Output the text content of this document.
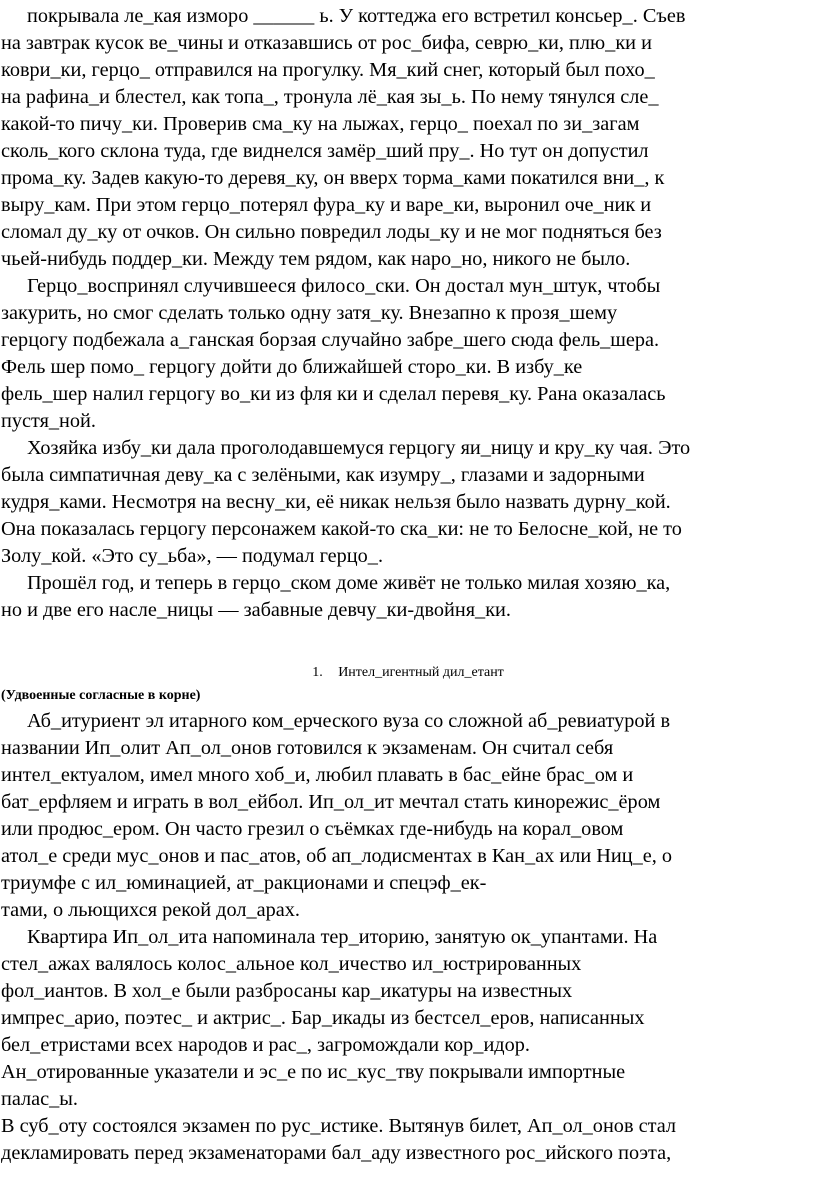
покрывала ле_кая изморо ______ ь. У коттеджа его встретил консьер_. Съев
на завтрак кусок ве_чины и отказавшись от рос_бифа, севрю_ки, плю_ки и
коври_ки, герцо_ отправился на прогулку. Мя_кий снег, который был похо_
на рафина_и блестел, как топа_, тронула лё_кая зы_ь. По нему тянулся сле_
какой-то пичу_ки. Проверив сма_ку на лыжах, герцо_ поехал по зи_загам
сколь_кого склона туда, где виднелся замёр_ший пру_. Но тут он допустил
прома_ку. Задев какую-то деревя_ку, он вверх торма_ками покатился вни_, к
выру_кам. При этом герцо_потерял фура_ку и варе_ки, выронил оче_ник и
сломал ду_ку от очков. Он сильно повредил лоды_ку и не мог подняться без
чьей-нибудь поддер_ки. Между тем рядом, как наро_но, никого не было.

Герцо_воспринял случившееся филосо_ски. Он достал мун_штук, чтобы
закурить, но смог сделать только одну затя_ку. Внезапно к прозя_шему
герцогу подбежала а_ганская борзая случайно забре_шего сюда фель_шера.
Фель шер помо_ герцогу дойти до ближайшей сторо_ки. В избу_ке
фель_шер налил герцогу во_ки из фля ки и сделал перевя_ку. Рана оказалась
пустя_ной.

Хозяйка избу_ки дала проголодавшемуся герцогу яи_ницу и кру_ку чая. Это
была симпатичная деву_ка с зелёными, как изумру_, глазами и задорными
кудря_ками. Несмотря на весну_ки, её никак нельзя было назвать дурну_кой.
Она показалась герцогу персонажем какой-то ска_ки: не то Белосне_кой, не то
Золу_кой. «Это су_ьба», — подумал герцо_.

Прошёл год, и теперь в герцо_ском доме живёт не только милая хозяю_ка,
но и две его насле_ницы — забавные девчу_ки-двойня_ки.

1. Интел_игентный дил_етант
(Удвоенные согласные в корне)

Аб_итуриент эл итарного ком_ерческого вуза со сложной аб_ревиатурой в
названии Ип_олит Ап_ол_онов готовился к экзаменам. Он считал себя
интел_ектуалом, имел много хоб_и, любил плавать в бас_ейне брас_ом и
бат_ерфляем и играть в вол_ейбол. Ип_ол_ит мечтал стать кинорежис_ёром
или продюс_ером. Он часто грезил о съёмках где-нибудь на корал_овом
атол_е среди мус_онов и пас_атов, об ап_лодисментах в Кан_ах или Ниц_е, о
триумфе с ил_юминацией, ат_ракционами и спецэф_ек-
тами, о льющихся рекой дол_арах.

Квартира Ип_ол_ита напоминала тер_иторию, занятую ок_упантами. На
стел_ажах валялось колос_альное кол_ичество ил_юстрированных
фол_иантов. В хол_е были разбросаны кар_икатуры на известных
импрес_арио, поэтес_ и актрис_. Бар_икады из бестсел_еров, написанных
бел_етристами всех народов и рас_, загромождали кор_идор.
Ан_отированные указатели и эс_е по ис_кус_тву покрывали импортные
палас_ы.

В суб_оту состоялся экзамен по рус_истике. Вытянув билет, Ап_ол_онов стал
декламировать перед экзаменаторами бал_аду известного рос_ийского поэта,
